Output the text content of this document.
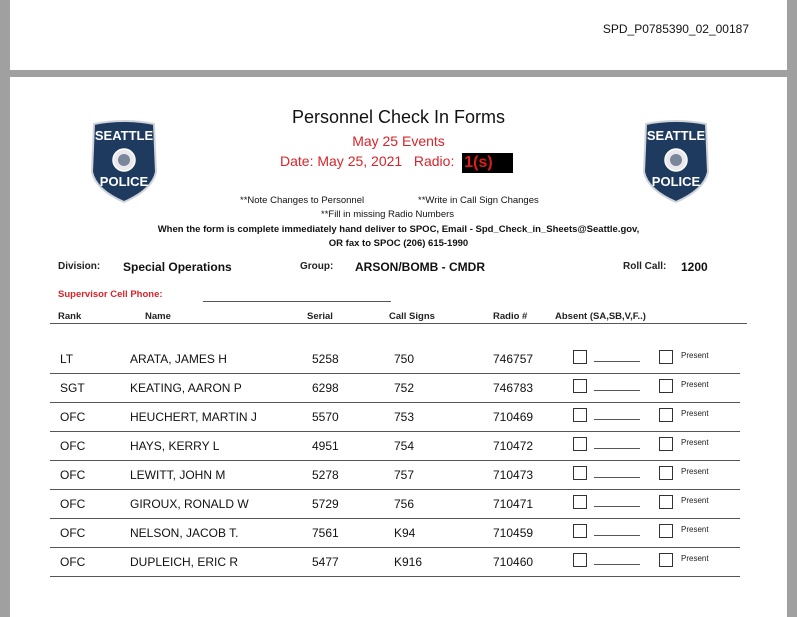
SPD_P0785390_02_00187
SEATTLE
POLICE
SEATTLE
POLICE
Personnel Check In Forms
May 25 Events
Date: May 25, 2021 Radio: 1(s)
**Note Changes to Personnel	**Write in Call Sign Changes
**Fill in missing Radio Numbers
When the form is complete immediately hand deliver to SPOC, Email - Spd_Check_in_Sheets@Seattle.gov,
OR fax to SPOC (206) 615-1990
Division: Special Operations	Group: ARSON/BOMB - CMDR	Roll Call: 1200
Supervisor Cell Phone:
Rank	Name	Serial	Call Signs	Radio #	Absent (SA,SB,V,F..)
LT	ARATA, JAMES H	5258	750	746757	Present
SGT	KEATING, AARON P	6298	752	746783	Present
OFC	HEUCHERT, MARTIN J	5570	753	710469	Present
OFC	HAYS, KERRY L	4951	754	710472	Present
OFC	LEWITT, JOHN M	5278	757	710473	Present
OFC	GIROUX, RONALD W	5729	756	710471	Present
OFC	NELSON, JACOB T.	7561	K94	710459	Present
OFC	DUPLEICH, ERIC R	5477	K916	710460	Present
